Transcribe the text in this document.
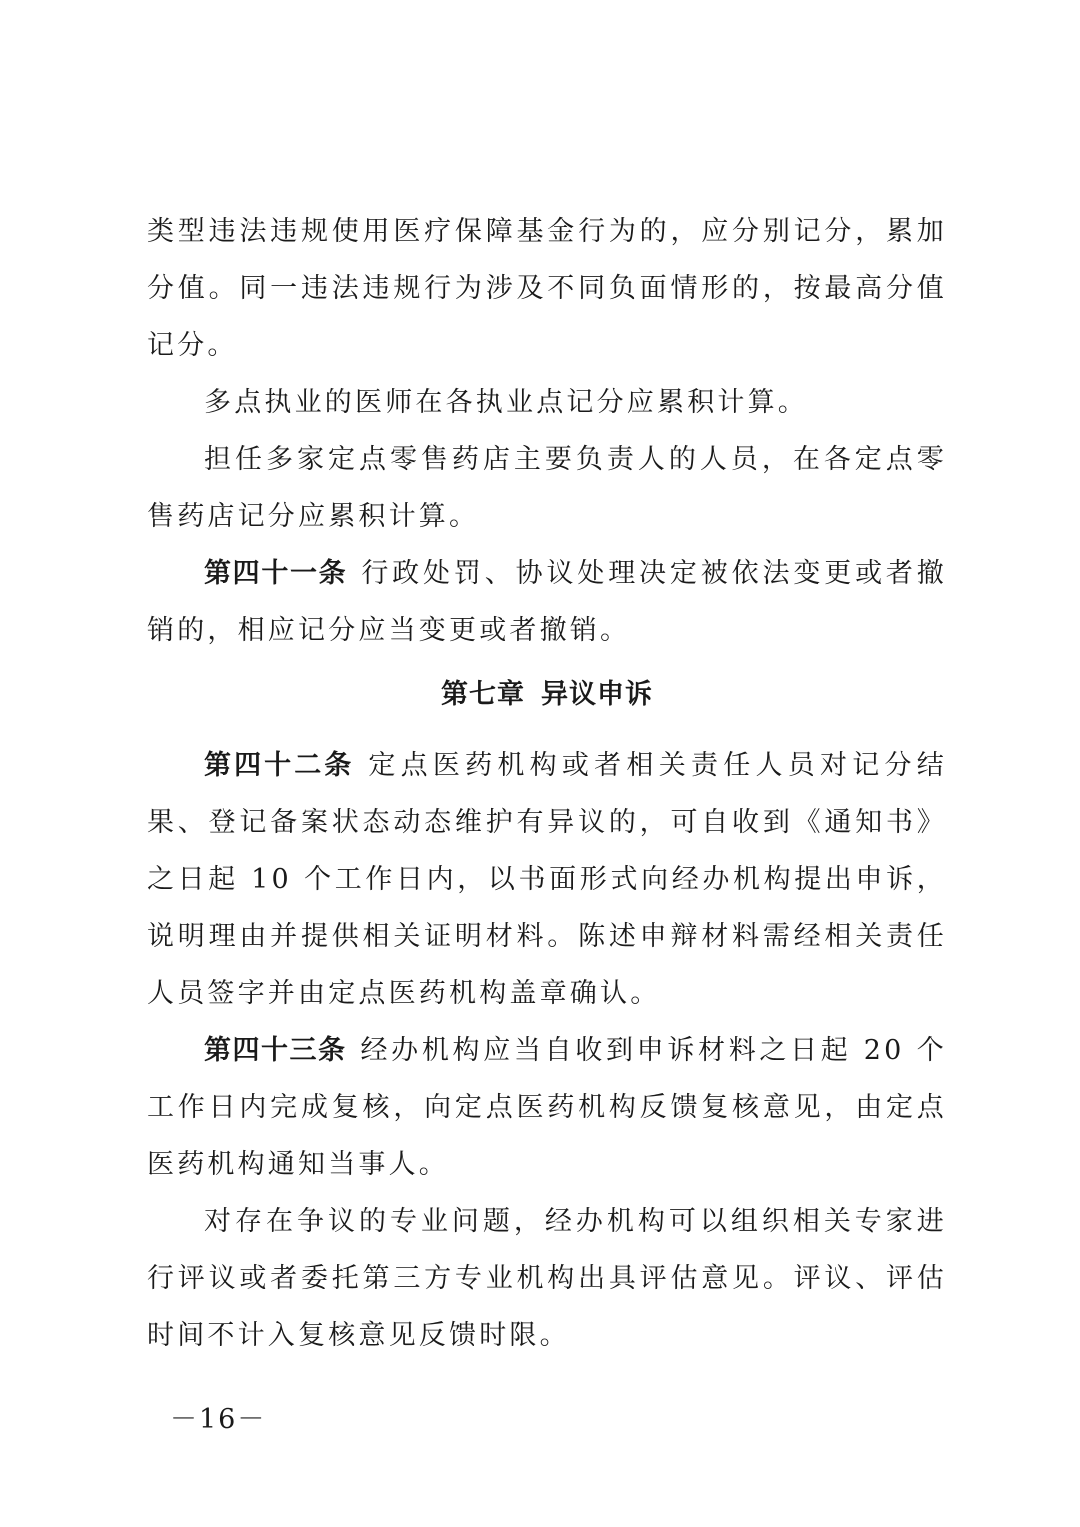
类型违法违规使用医疗保障基金行为的，应分别记分，累加分值。同一违法违规行为涉及不同负面情形的，按最高分值记分。

多点执业的医师在各执业点记分应累积计算。

担任多家定点零售药店主要负责人的人员，在各定点零售药店记分应累积计算。

第四十一条 行政处罚、协议处理决定被依法变更或者撤销的，相应记分应当变更或者撤销。

第七章 异议申诉

第四十二条 定点医药机构或者相关责任人员对记分结果、登记备案状态动态维护有异议的，可自收到《通知书》之日起 10 个工作日内，以书面形式向经办机构提出申诉，说明理由并提供相关证明材料。陈述申辩材料需经相关责任人员签字并由定点医药机构盖章确认。

第四十三条 经办机构应当自收到申诉材料之日起 20 个工作日内完成复核，向定点医药机构反馈复核意见，由定点医药机构通知当事人。

对存在争议的专业问题，经办机构可以组织相关专家进行评议或者委托第三方专业机构出具评估意见。评议、评估时间不计入复核意见反馈时限。

－16－
